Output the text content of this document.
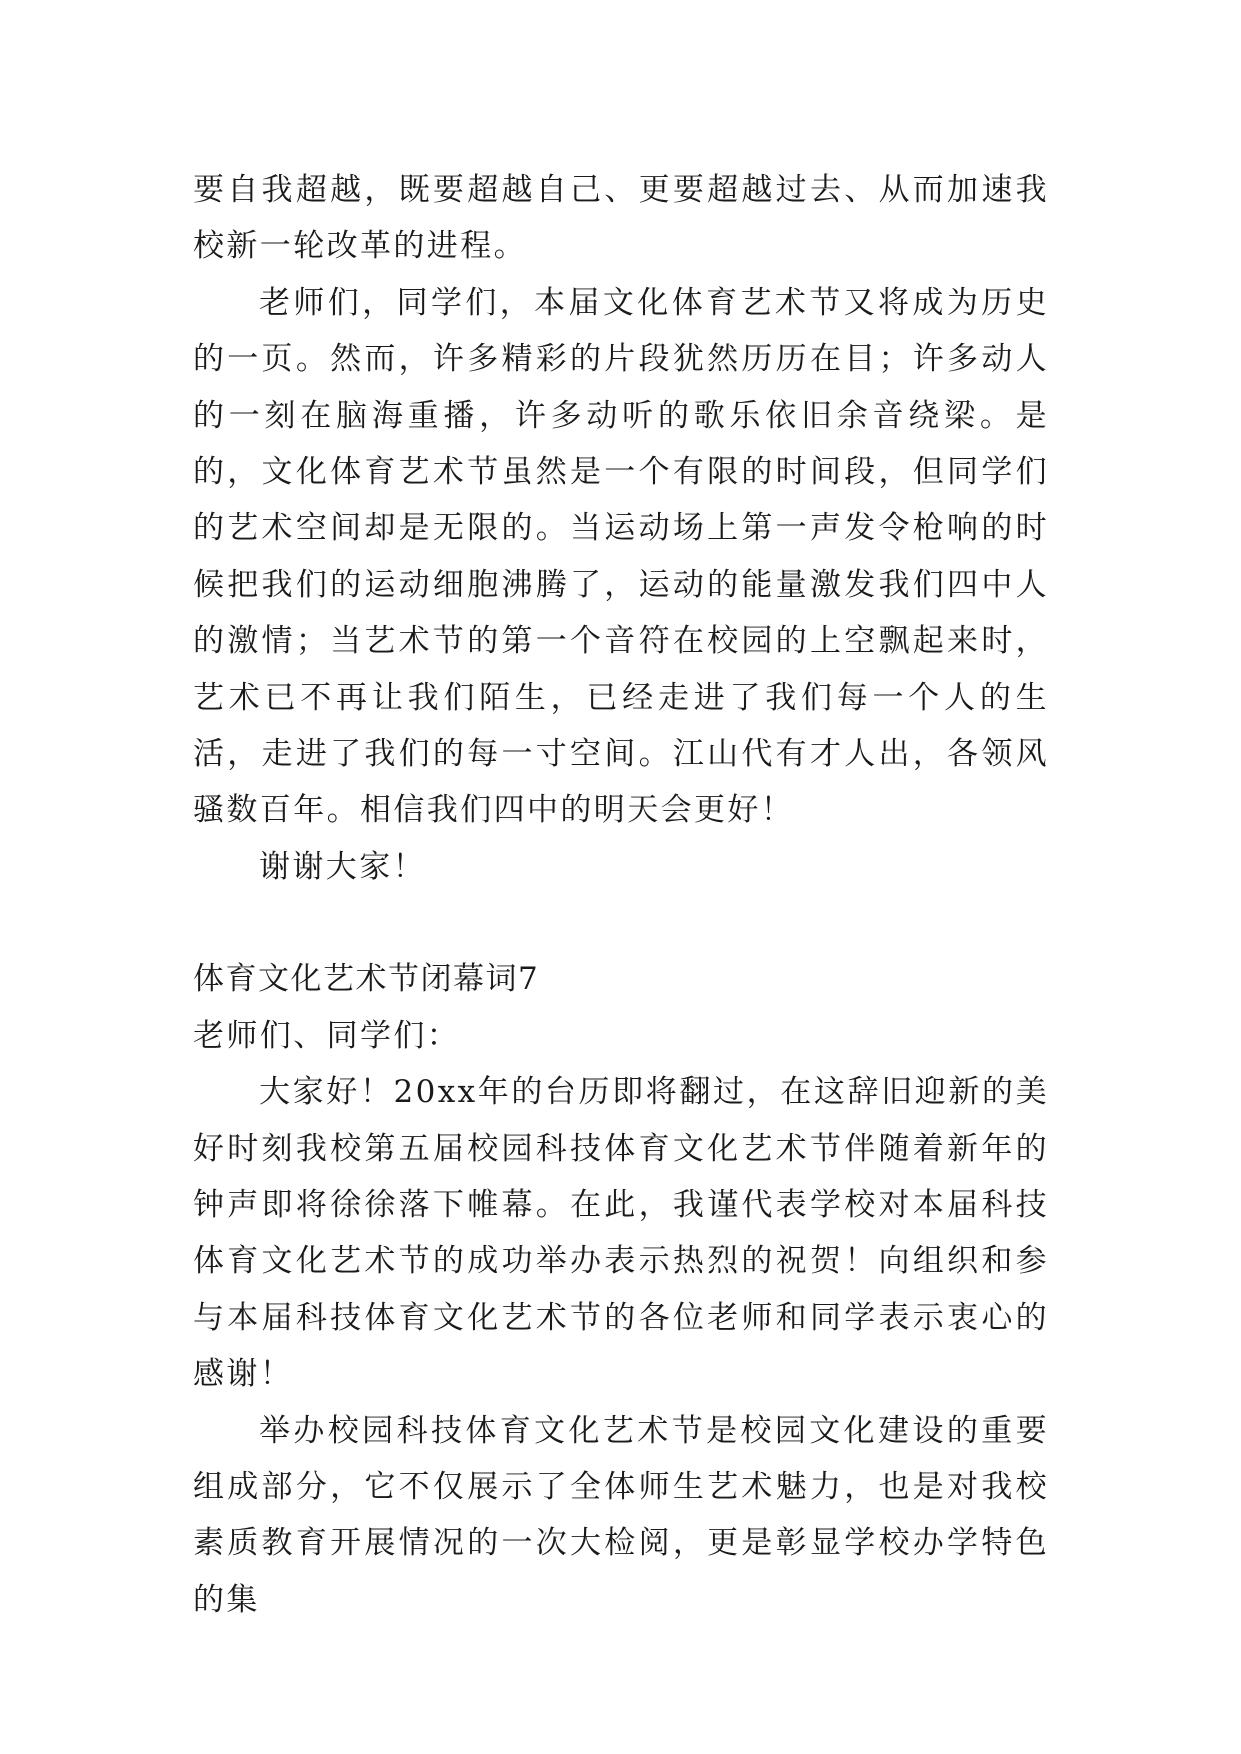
要自我超越，既要超越自己、更要超越过去、从而加速我校新一轮改革的进程。

老师们，同学们，本届文化体育艺术节又将成为历史的一页。然而，许多精彩的片段犹然历历在目；许多动人的一刻在脑海重播，许多动听的歌乐依旧余音绕梁。是的，文化体育艺术节虽然是一个有限的时间段，但同学们的艺术空间却是无限的。当运动场上第一声发令枪响的时候把我们的运动细胞沸腾了，运动的能量激发我们四中人的激情；当艺术节的第一个音符在校园的上空飘起来时，艺术已不再让我们陌生，已经走进了我们每一个人的生活，走进了我们的每一寸空间。江山代有才人出，各领风骚数百年。相信我们四中的明天会更好！

谢谢大家！

体育文化艺术节闭幕词7

老师们、同学们：

大家好！20xx年的台历即将翻过，在这辞旧迎新的美好时刻我校第五届校园科技体育文化艺术节伴随着新年的钟声即将徐徐落下帷幕。在此，我谨代表学校对本届科技体育文化艺术节的成功举办表示热烈的祝贺！向组织和参与本届科技体育文化艺术节的各位老师和同学表示衷心的感谢！

举办校园科技体育文化艺术节是校园文化建设的重要组成部分，它不仅展示了全体师生艺术魅力，也是对我校素质教育开展情况的一次大检阅，更是彰显学校办学特色的集
